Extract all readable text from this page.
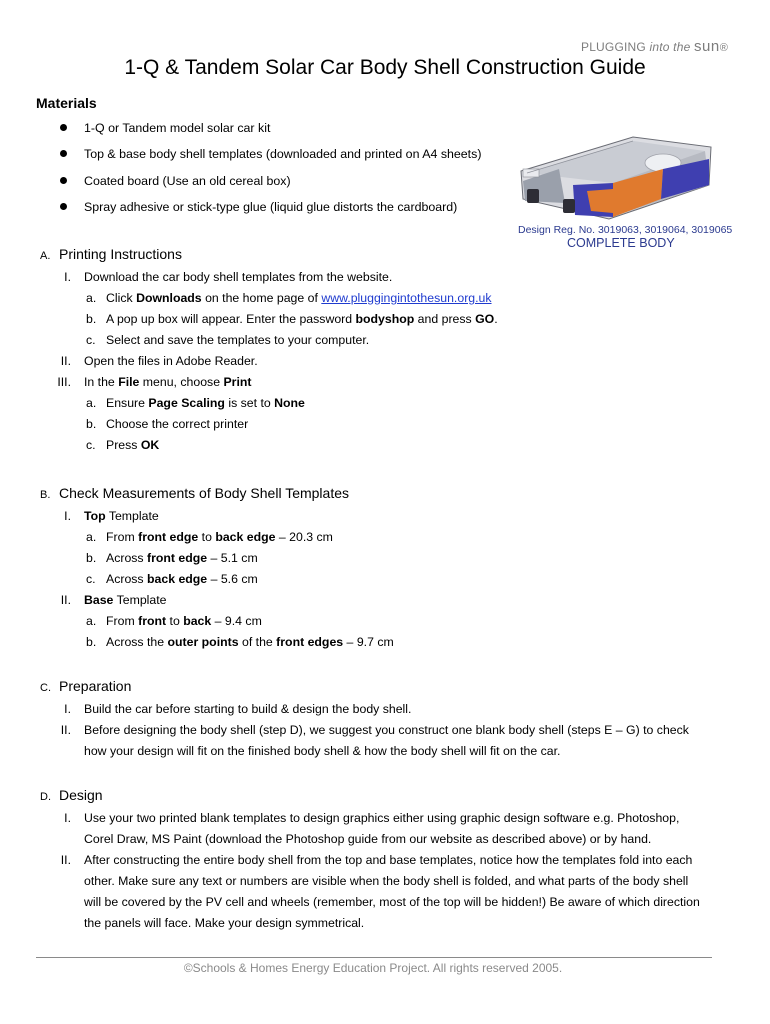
PLUGGING into the sun®
1-Q & Tandem Solar Car Body Shell Construction Guide
Materials
1-Q or Tandem model solar car kit
Top & base body shell templates (downloaded and printed on A4 sheets)
Coated board (Use an old cereal box)
Spray adhesive or stick-type glue (liquid glue distorts the cardboard)
Design Reg. No. 3019063, 3019064, 3019065
COMPLETE BODY
A. Printing Instructions
I. Download the car body shell templates from the website.
a. Click Downloads on the home page of www.pluggingintothesun.org.uk
b. A pop up box will appear. Enter the password bodyshop and press GO.
c. Select and save the templates to your computer.
II. Open the files in Adobe Reader.
III. In the File menu, choose Print
a. Ensure Page Scaling is set to None
b. Choose the correct printer
c. Press OK
B. Check Measurements of Body Shell Templates
I. Top Template
a. From front edge to back edge – 20.3 cm
b. Across front edge – 5.1 cm
c. Across back edge – 5.6 cm
II. Base Template
a. From front to back – 9.4 cm
b. Across the outer points of the front edges – 9.7 cm
C. Preparation
I. Build the car before starting to build & design the body shell.
II. Before designing the body shell (step D), we suggest you construct one blank body shell (steps E – G) to check
how your design will fit on the finished body shell & how the body shell will fit on the car.
D. Design
I. Use your two printed blank templates to design graphics either using graphic design software e.g. Photoshop,
Corel Draw, MS Paint (download the Photoshop guide from our website as described above) or by hand.
II. After constructing the entire body shell from the top and base templates, notice how the templates fold into each
other. Make sure any text or numbers are visible when the body shell is folded, and what parts of the body shell
will be covered by the PV cell and wheels (remember, most of the top will be hidden!) Be aware of which direction
the panels will face. Make your design symmetrical.
©Schools & Homes Energy Education Project. All rights reserved 2005.
